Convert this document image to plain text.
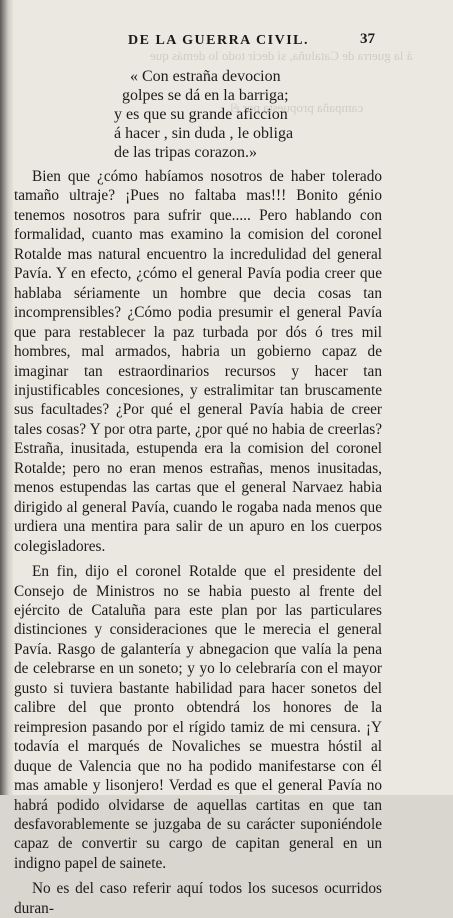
á la guerra de Cataluña, sí decir todo lo demás que
campaña propuesta por él
DE LA GUERRA CIVIL.	37
« Con estraña devocion
golpes se dá en la barriga;
y es que su grande aficcion
á hacer , sin duda , le obliga
de las tripas corazon.»

Bien que ¿cómo habíamos nosotros de haber tolerado tamaño ultraje? ¡Pues no faltaba mas!!! Bonito génio tenemos nosotros para sufrir que..... Pero hablando con formalidad, cuanto mas examino la comision del coronel Rotalde mas natural encuentro la incredulidad del general Pavía. Y en efecto, ¿cómo el general Pavía podia creer que hablaba sériamente un hombre que decia cosas tan incomprensibles? ¿Cómo podia presumir el general Pavía que para restablecer la paz turbada por dós ó tres mil hombres, mal armados, habria un gobierno capaz de imaginar tan estraordinarios recursos y hacer tan injustificables concesiones, y estralimitar tan bruscamente sus facultades? ¿Por qué el general Pavía habia de creer tales cosas? Y por otra parte, ¿por qué no habia de creerlas? Estraña, inusitada, estupenda era la comision del coronel Rotalde; pero no eran menos estrañas, menos inusitadas, menos estupendas las cartas que el general Narvaez habia dirigido al general Pavía, cuando le rogaba nada menos que urdiera una mentira para salir de un apuro en los cuerpos colegisladores.

En fin, dijo el coronel Rotalde que el presidente del Consejo de Ministros no se habia puesto al frente del ejército de Cataluña para este plan por las particulares distinciones y consideraciones que le merecia el general Pavía. Rasgo de galantería y abnegacion que valía la pena de celebrarse en un soneto; y yo lo celebraría con el mayor gusto si tuviera bastante habilidad para hacer sonetos del calibre del que pronto obtendrá los honores de la reimpresion pasando por el rígido tamiz de mi censura. ¡Y todavía el marqués de Novaliches se muestra hóstil al duque de Valencia que no ha podido manifestarse con él mas amable y lisonjero! Verdad es que el general Pavía no habrá podido olvidarse de aquellas cartitas en que tan desfavorablemente se juzgaba de su carácter suponiéndole capaz de convertir su cargo de capitan general en un indigno papel de sainete.

No es del caso referir aquí todos los sucesos ocurridos duran-
